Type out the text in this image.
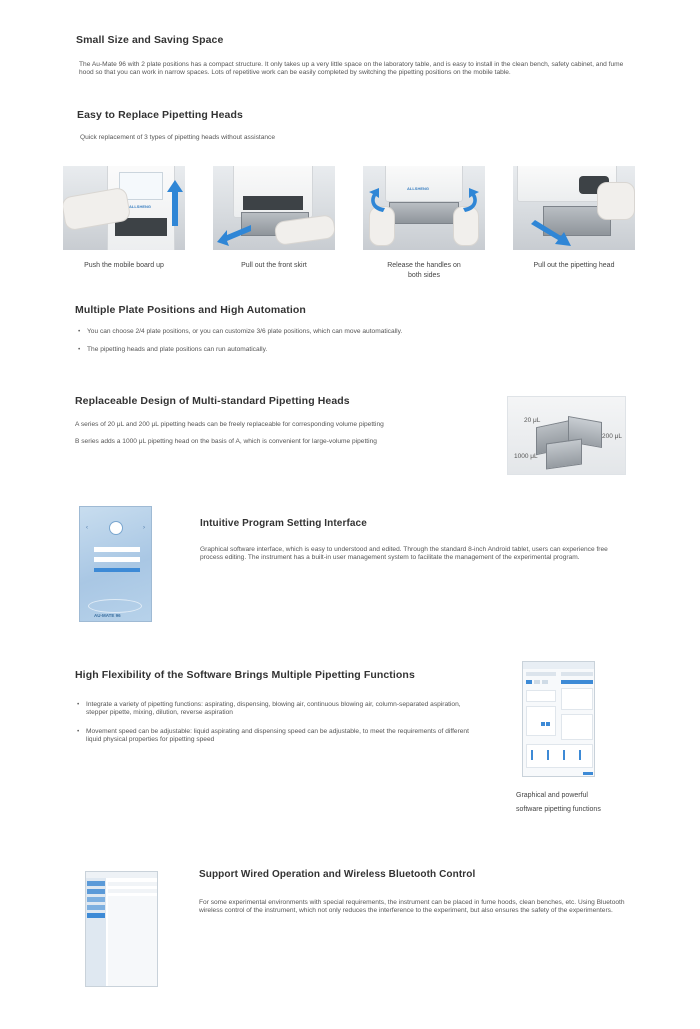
Small Size and Saving Space
The Au-Mate 96 with 2 plate positions has a compact structure. It only takes up a very little space on the laboratory table, and is easy to install in the clean bench, safety cabinet, and fume hood so that you can work in narrow spaces. Lots of repetitive work can be easily completed by switching the pipetting positions on the mobile table.
Easy to Replace Pipetting Heads
Quick replacement of 3 types of pipetting heads without assistance
ALLSHENG
ALLSHENG
Push the mobile board up	Pull out the front skirt	Release the handles on both sides
Pull out the pipetting head
Multiple Plate Positions and High Automation
• You can choose 2/4 plate positions, or you can customize 3/6 plate positions, which can move automatically.
• The pipetting heads and plate positions can run automatically.
Replaceable Design of Multi-standard Pipetting Heads
A series of 20 μL and 200 μL pipetting heads can be freely replaceable for corresponding volume pipetting
B series adds a 1000 μL pipetting head on the basis of A, which is convenient for large-volume pipetting
20 μL
200 μL
1000 μL
‹	›
AU-MATE 96
Intuitive Program Setting Interface
Graphical software interface, which is easy to understood and edited. Through the standard 8-inch Android tablet, users can experience free process editing. The instrument has a built-in user management system to facilitate the management of the experimental program.
High Flexibility of the Software Brings Multiple Pipetting Functions
• Integrate a variety of pipetting functions: aspirating, dispensing, blowing air, continuous blowing air, column-separated aspiration, stepper pipette, mixing, dilution, reverse aspiration
• Movement speed can be adjustable: liquid aspirating and dispensing speed can be adjustable, to meet the requirements of different liquid physical properties for pipetting speed
Graphical and powerful
software pipetting functions
Support Wired Operation and Wireless Bluetooth Control
For some experimental environments with special requirements, the instrument can be placed in fume hoods, clean benches, etc. Using Bluetooth wireless control of the instrument, which not only reduces the interference to the experiment, but also ensures the safety of the experimenters.
